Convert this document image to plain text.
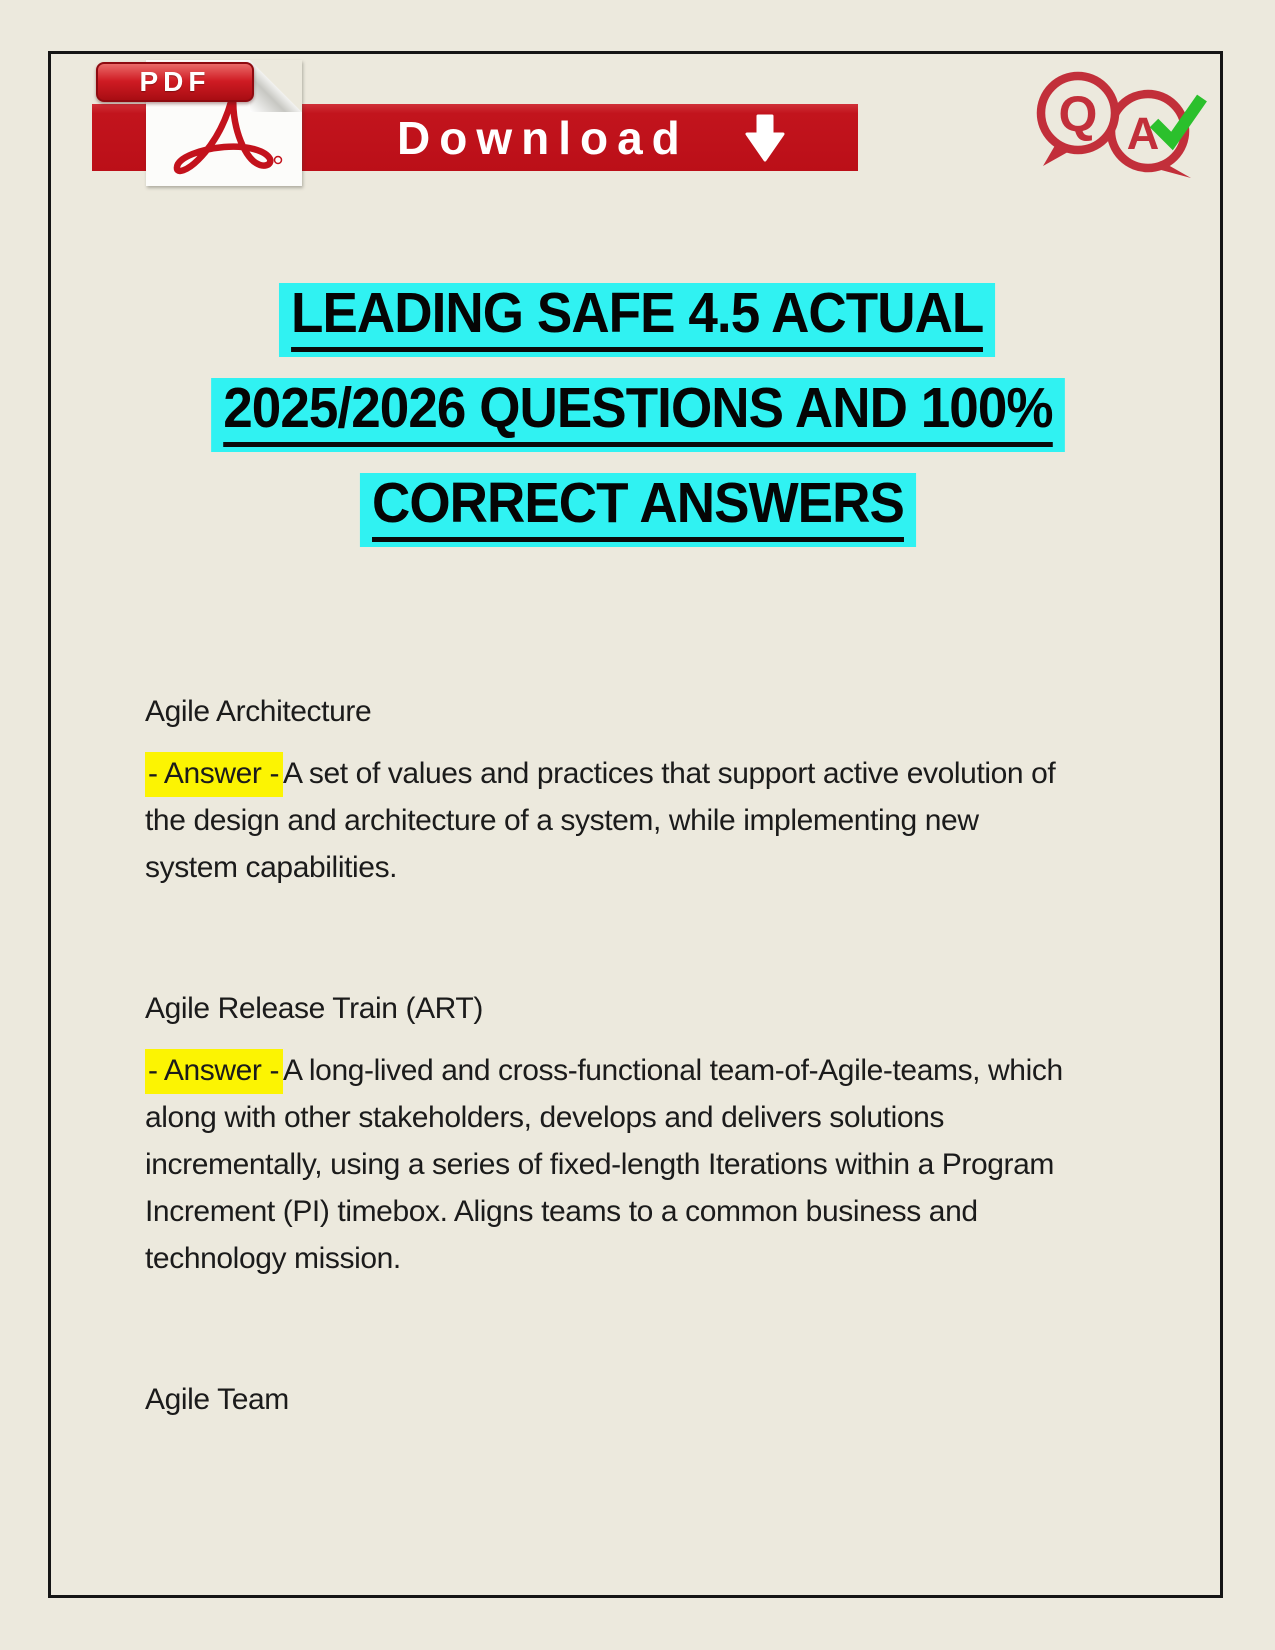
Download
PDF
Q A
LEADING SAFE 4.5 ACTUAL
2025/2026 QUESTIONS AND 100%
CORRECT ANSWERS
Agile Architecture
- Answer - A set of values and practices that support active evolution of
the design and architecture of a system, while implementing new
system capabilities.
Agile Release Train (ART)
- Answer - A long-lived and cross-functional team-of-Agile-teams, which
along with other stakeholders, develops and delivers solutions
incrementally, using a series of fixed-length Iterations within a Program
Increment (PI) timebox. Aligns teams to a common business and
technology mission.
Agile Team
